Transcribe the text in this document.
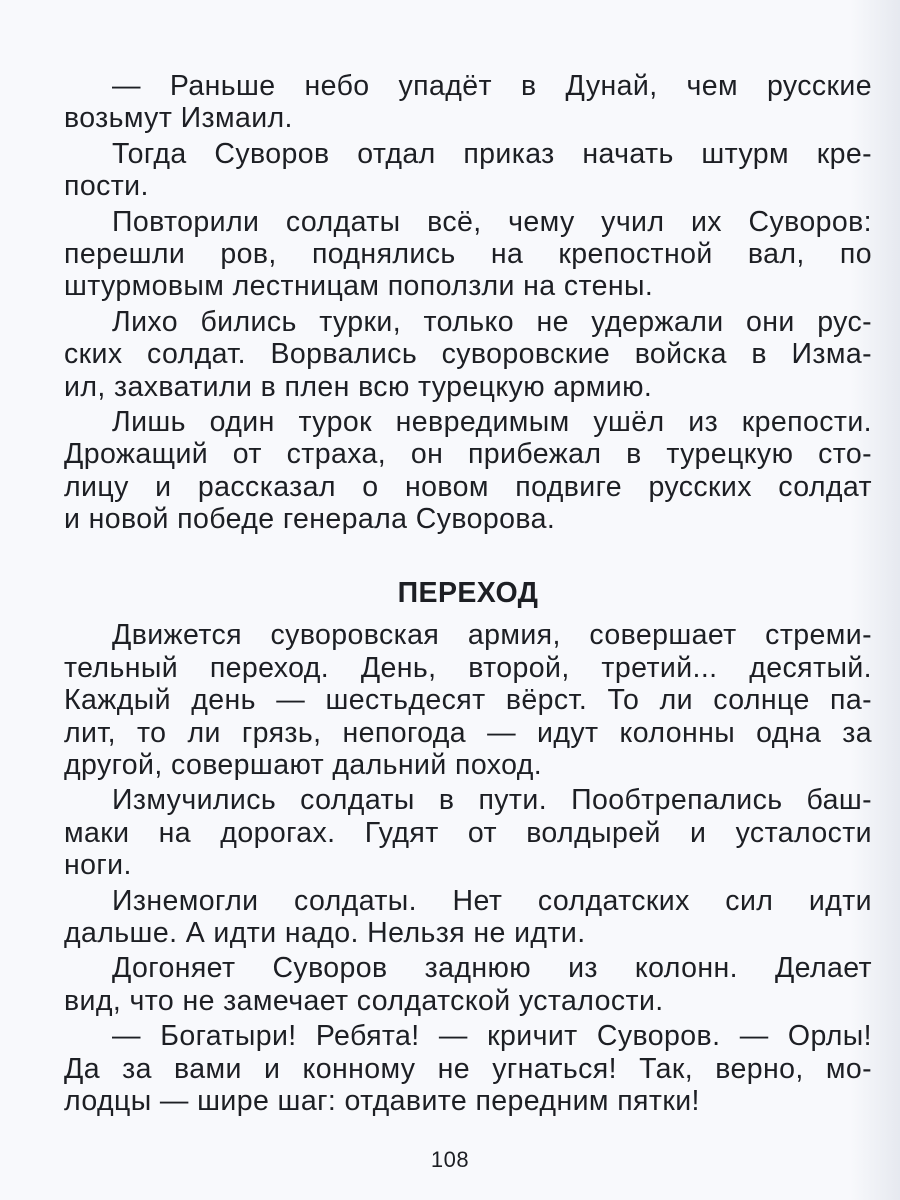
— Раньше небо упадёт в Дунай, чем русские
возьмут Измаил.

Тогда Суворов отдал приказ начать штурм кре-
пости.

Повторили солдаты всё, чему учил их Суворов:
перешли ров, поднялись на крепостной вал, по
штурмовым лестницам поползли на стены.

Лихо бились турки, только не удержали они рус-
ских солдат. Ворвались суворовские войска в Изма-
ил, захватили в плен всю турецкую армию.

Лишь один турок невредимым ушёл из крепости.
Дрожащий от страха, он прибежал в турецкую сто-
лицу и рассказал о новом подвиге русских солдат
и новой победе генерала Суворова.

ПЕРЕХОД

Движется суворовская армия, совершает стреми-
тельный переход. День, второй, третий... десятый.
Каждый день — шестьдесят вёрст. То ли солнце па-
лит, то ли грязь, непогода — идут колонны одна за
другой, совершают дальний поход.

Измучились солдаты в пути. Пообтрепались баш-
маки на дорогах. Гудят от волдырей и усталости
ноги.

Изнемогли солдаты. Нет солдатских сил идти
дальше. А идти надо. Нельзя не идти.

Догоняет Суворов заднюю из колонн. Делает
вид, что не замечает солдатской усталости.

— Богатыри! Ребята! — кричит Суворов. — Орлы!
Да за вами и конному не угнаться! Так, верно, мо-
лодцы — шире шаг: отдавите передним пятки!

108
